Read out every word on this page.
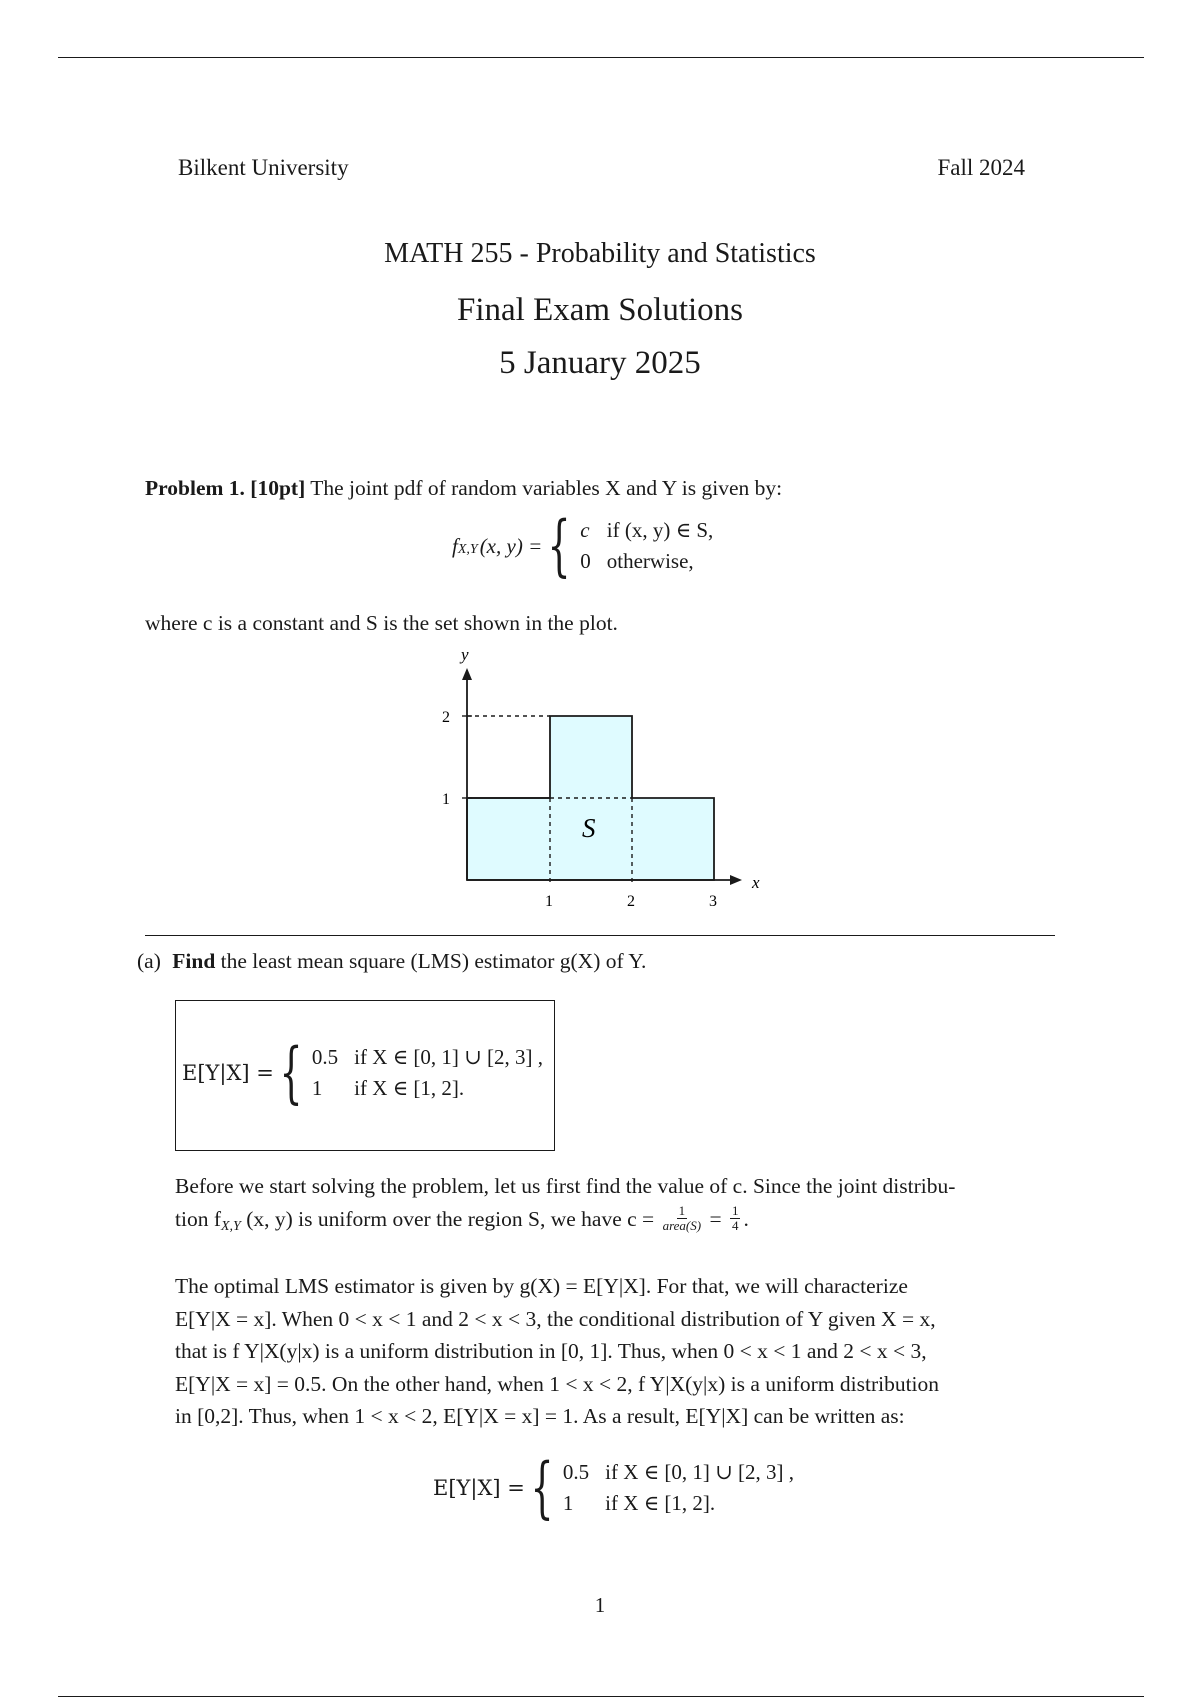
Bilkent University	Fall 2024
MATH 255 - Probability and Statistics
Final Exam Solutions
5 January 2025
Problem 1. [10pt] The joint pdf of random variables X and Y is given by:
f X,Y (x, y) = { c if (x, y) ∈ S,
0 otherwise,
where c is a constant and S is the set shown in the plot.
y
x
2
1
1	2	3
S
(a) Find the least mean square (LMS) estimator g(X) of Y.
E[Y|X] = { 0.5 if X ∈ [0, 1] ∪ [2, 3] ,
1	if X ∈ [1, 2].
Before we start solving the problem, let us first find the value of c. Since the joint distribu-
tion fX,Y (x, y) is uniform over the region S, we have $c = \frac{1}{\text{area(S)}} = \frac{1}{4}$ .
The optimal LMS estimator is given by g(X) = E[Y|X]. For that, we will characterize
E[Y|X = x]. When 0 < x < 1 and 2 < x < 3, the conditional distribution of Y given X = x,
that is f Y|X(y|x) is a uniform distribution in [0, 1]. Thus, when 0 < x < 1 and 2 < x < 3,
E[Y|X = x] = 0.5. On the other hand, when 1 < x < 2, f Y|X(y|x) is a uniform distribution
in [0,2]. Thus, when 1 < x < 2, E[Y|X = x] = 1. As a result, E[Y|X] can be written as:
E[Y|X] = { 0.5 if X ∈ [0, 1] ∪ [2, 3] ,
1	if X ∈ [1, 2].
1
